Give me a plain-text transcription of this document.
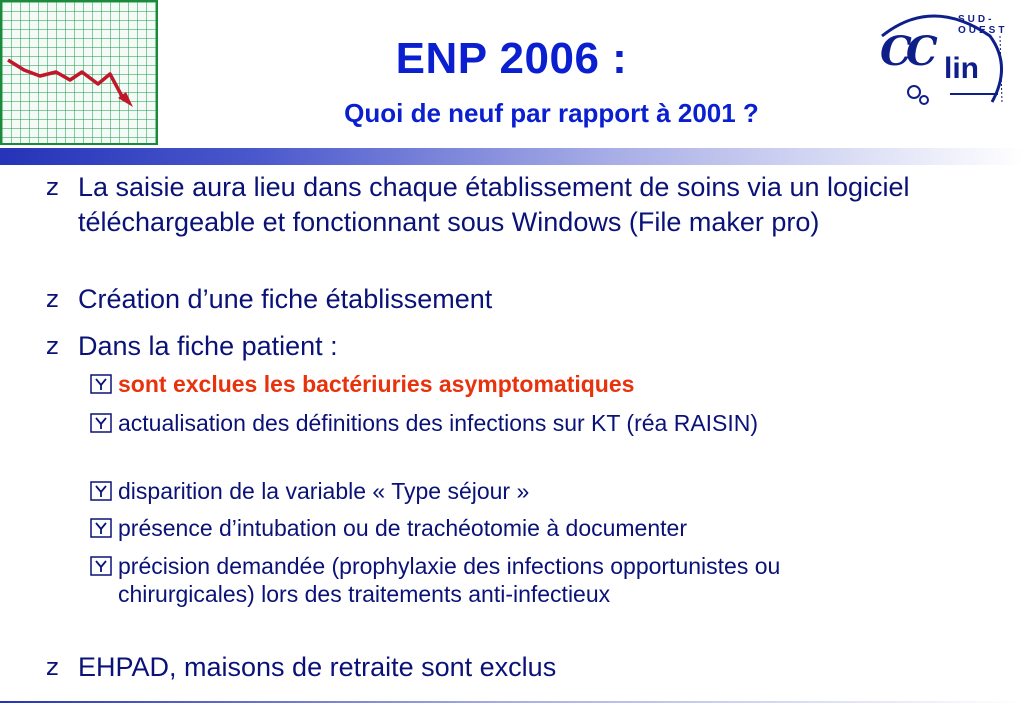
ENP 2006 :
Quoi de neuf par rapport à 2001 ?
CC lin
SUD-OUEST
z La saisie aura lieu dans chaque établissement de soins via un logiciel téléchargeable et fonctionnant sous Windows (File maker pro)
z Création d’une fiche établissement
z Dans la fiche patient :
sont exclues les bactériuries asymptomatiques
actualisation des définitions des infections sur KT (réa RAISIN)
disparition de la variable « Type séjour »
présence d’intubation ou de trachéotomie à documenter
précision demandée (prophylaxie des infections opportunistes ou chirurgicales) lors des traitements anti-infectieux
z EHPAD, maisons de retraite sont exclus
